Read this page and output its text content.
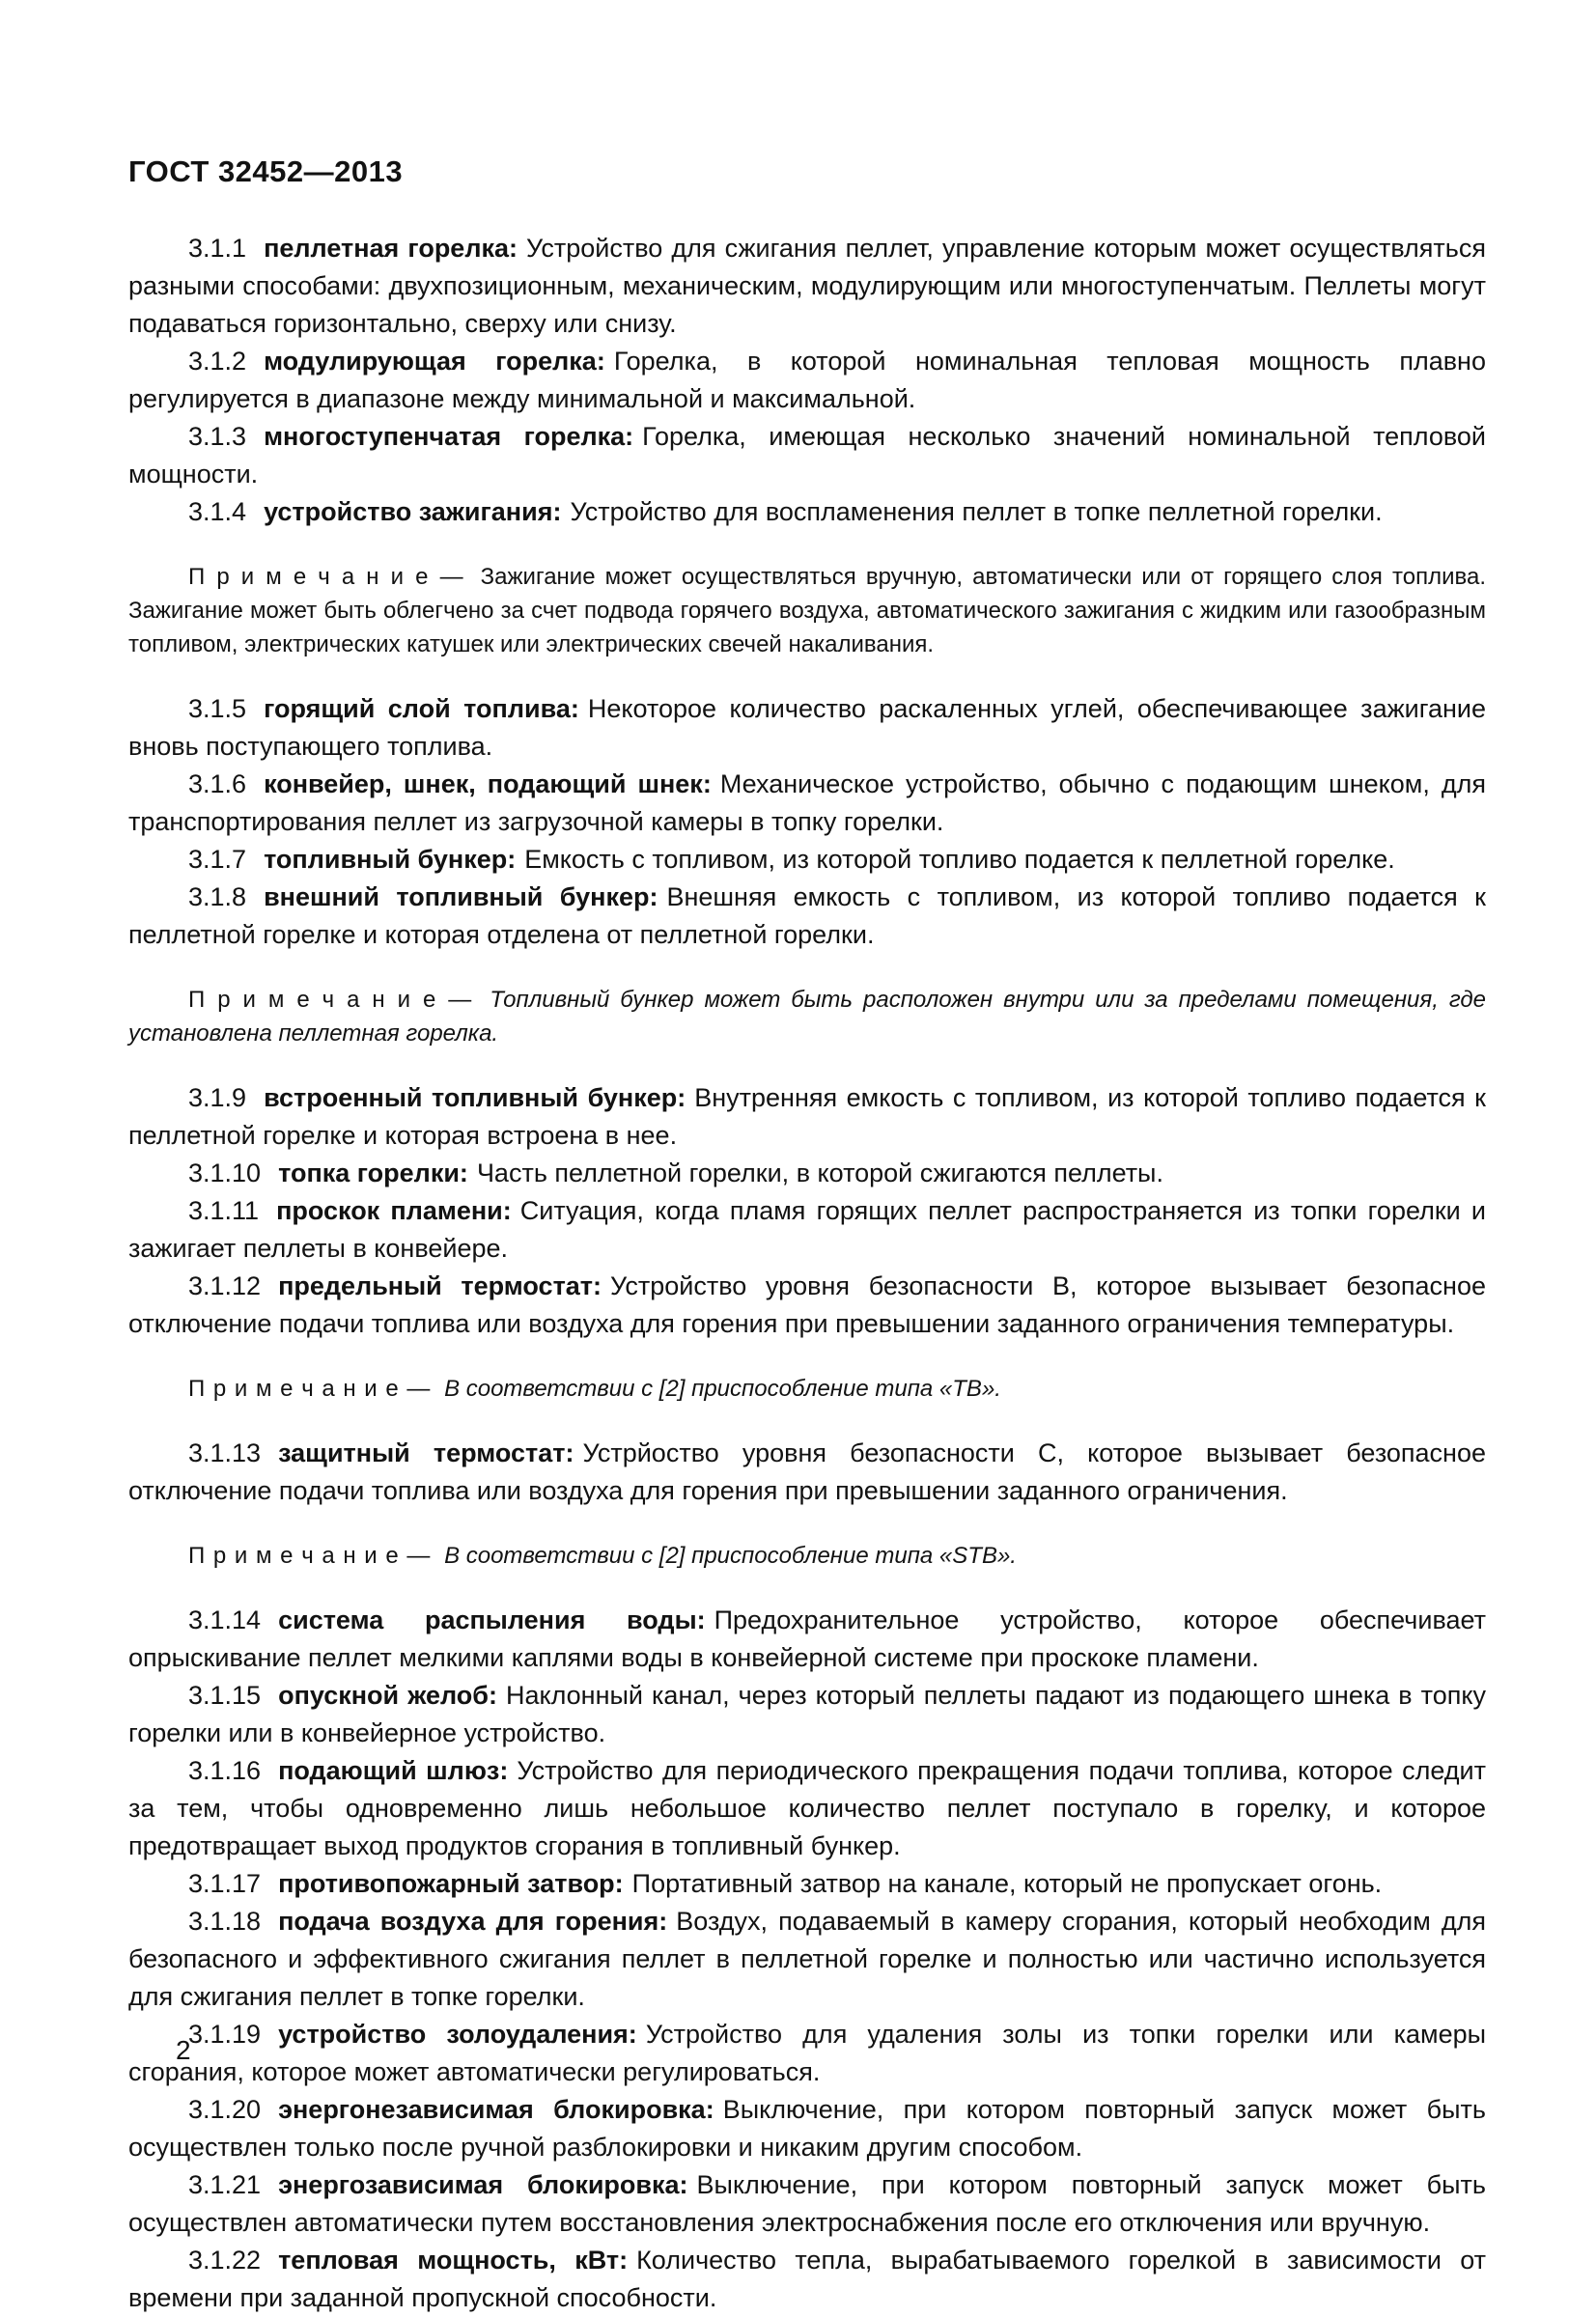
ГОСТ 32452—2013

3.1.1 пеллетная горелка: Устройство для сжигания пеллет, управление которым может осуществляться разными способами: двухпозиционным, механическим, модулирующим или многоступенчатым. Пеллеты могут подаваться горизонтально, сверху или снизу.

3.1.2 модулирующая горелка: Горелка, в которой номинальная тепловая мощность плавно регулируется в диапазоне между минимальной и максимальной.

3.1.3 многоступенчатая горелка: Горелка, имеющая несколько значений номинальной тепловой мощности.

3.1.4 устройство зажигания: Устройство для воспламенения пеллет в топке пеллетной горелки.

П р и м е ч а н и е — Зажигание может осуществляться вручную, автоматически или от горящего слоя топлива. Зажигание может быть облегчено за счет подвода горячего воздуха, автоматического зажигания с жидким или газообразным топливом, электрических катушек или электрических свечей накаливания.

3.1.5 горящий слой топлива: Некоторое количество раскаленных углей, обеспечивающее зажигание вновь поступающего топлива.

3.1.6 конвейер, шнек, подающий шнек: Механическое устройство, обычно с подающим шнеком, для транспортирования пеллет из загрузочной камеры в топку горелки.

3.1.7 топливный бункер: Емкость с топливом, из которой топливо подается к пеллетной горелке.

3.1.8 внешний топливный бункер: Внешняя емкость с топливом, из которой топливо подается к пеллетной горелке и которая отделена от пеллетной горелки.

П р и м е ч а н и е — Топливный бункер может быть расположен внутри или за пределами помещения, где установлена пеллетная горелка.

3.1.9 встроенный топливный бункер: Внутренняя емкость с топливом, из которой топливо подается к пеллетной горелке и которая встроена в нее.

3.1.10 топка горелки: Часть пеллетной горелки, в которой сжигаются пеллеты.

3.1.11 проскок пламени: Ситуация, когда пламя горящих пеллет распространяется из топки горелки и зажигает пеллеты в конвейере.

3.1.12 предельный термостат: Устройство уровня безопасности В, которое вызывает безопасное отключение подачи топлива или воздуха для горения при превышении заданного ограничения температуры.

П р и м е ч а н и е — В соответствии с [2] приспособление типа «ТВ».

3.1.13 защитный термостат: Устрйоство уровня безопасности С, которое вызывает безопасное отключение подачи топлива или воздуха для горения при превышении заданного ограничения.

П р и м е ч а н и е — В соответствии с [2] приспособление типа «STB».

3.1.14 система распыления воды: Предохранительное устройство, которое обеспечивает опрыскивание пеллет мелкими каплями воды в конвейерной системе при проскоке пламени.

3.1.15 опускной желоб: Наклонный канал, через который пеллеты падают из подающего шнека в топку горелки или в конвейерное устройство.

3.1.16 подающий шлюз: Устройство для периодического прекращения подачи топлива, которое следит за тем, чтобы одновременно лишь небольшое количество пеллет поступало в горелку, и которое предотвращает выход продуктов сгорания в топливный бункер.

3.1.17 противопожарный затвор: Портативный затвор на канале, который не пропускает огонь.

3.1.18 подача воздуха для горения: Воздух, подаваемый в камеру сгорания, который необходим для безопасного и эффективного сжигания пеллет в пеллетной горелке и полностью или частично используется для сжигания пеллет в топке горелки.

3.1.19 устройство золоудаления: Устройство для удаления золы из топки горелки или камеры сгорания, которое может автоматически регулироваться.

3.1.20 энергонезависимая блокировка: Выключение, при котором повторный запуск может быть осуществлен только после ручной разблокировки и никаким другим способом.

3.1.21 энергозависимая блокировка: Выключение, при котором повторный запуск может быть осуществлен автоматически путем восстановления электроснабжения после его отключения или вручную.

3.1.22 тепловая мощность, кВт: Количество тепла, вырабатываемого горелкой в зависимости от времени при заданной пропускной способности.

2
